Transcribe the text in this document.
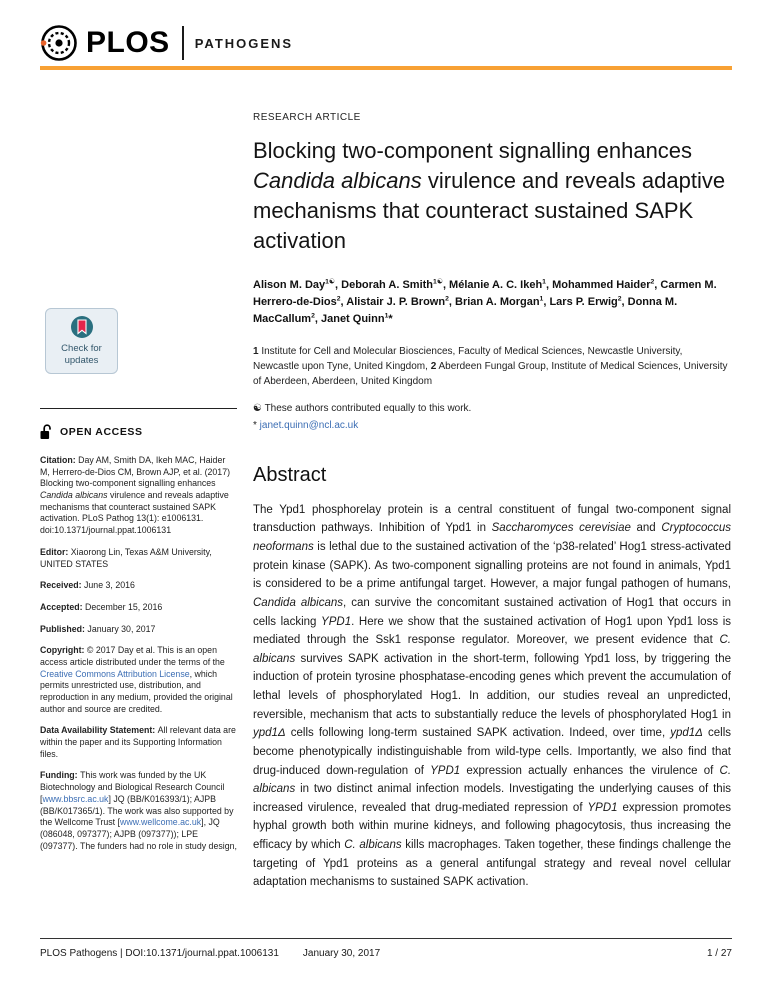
PLOS PATHOGENS
Check for updates
OPEN ACCESS

Citation: Day AM, Smith DA, Ikeh MAC, Haider M, Herrero-de-Dios CM, Brown AJP, et al. (2017) Blocking two-component signalling enhances Candida albicans virulence and reveals adaptive mechanisms that counteract sustained SAPK activation. PLoS Pathog 13(1): e1006131. doi:10.1371/journal.ppat.1006131

Editor: Xiaorong Lin, Texas A&M University, UNITED STATES

Received: June 3, 2016

Accepted: December 15, 2016

Published: January 30, 2017

Copyright: © 2017 Day et al. This is an open access article distributed under the terms of the Creative Commons Attribution License, which permits unrestricted use, distribution, and reproduction in any medium, provided the original author and source are credited.

Data Availability Statement: All relevant data are within the paper and its Supporting Information files.

Funding: This work was funded by the UK Biotechnology and Biological Research Council [www.bbsrc.ac.uk] JQ (BB/K016393/1); AJPB (BB/K017365/1). The work was also supported by the Wellcome Trust [www.wellcome.ac.uk], JQ (086048, 097377); AJPB (097377)); LPE (097377). The funders had no role in study design,

RESEARCH ARTICLE
Blocking two-component signalling enhances Candida albicans virulence and reveals adaptive mechanisms that counteract sustained SAPK activation

Alison M. Day$^{1☯}$, Deborah A. Smith$^{1☯}$, Mélanie A. C. Ikeh$^1$, Mohammed Haider$^2$, Carmen M. Herrero-de-Dios$^2$, Alistair J. P. Brown$^2$, Brian A. Morgan$^1$, Lars P. Erwig$^2$, Donna M. MacCallum$^2$, Janet Quinn$^1$*

1 Institute for Cell and Molecular Biosciences, Faculty of Medical Sciences, Newcastle University, Newcastle upon Tyne, United Kingdom, 2 Aberdeen Fungal Group, Institute of Medical Sciences, University of Aberdeen, Aberdeen, United Kingdom

☯ These authors contributed equally to this work.

* janet.quinn@ncl.ac.uk

Abstract

The Ypd1 phosphorelay protein is a central constituent of fungal two-component signal transduction pathways. Inhibition of Ypd1 in Saccharomyces cerevisiae and Cryptococcus neoformans is lethal due to the sustained activation of the ‘p38-related’ Hog1 stress-activated protein kinase (SAPK). As two-component signalling proteins are not found in animals, Ypd1 is considered to be a prime antifungal target. However, a major fungal pathogen of humans, Candida albicans, can survive the concomitant sustained activation of Hog1 that occurs in cells lacking YPD1. Here we show that the sustained activation of Hog1 upon Ypd1 loss is mediated through the Ssk1 response regulator. Moreover, we present evidence that C. albicans survives SAPK activation in the short-term, following Ypd1 loss, by triggering the induction of protein tyrosine phosphatase-encoding genes which prevent the accumulation of lethal levels of phosphorylated Hog1. In addition, our studies reveal an unpredicted, reversible, mechanism that acts to substantially reduce the levels of phosphorylated Hog1 in ypd1Δ cells following long-term sustained SAPK activation. Indeed, over time, ypd1Δ cells become phenotypically indistinguishable from wild-type cells. Importantly, we also find that drug-induced down-regulation of YPD1 expression actually enhances the virulence of C. albicans in two distinct animal infection models. Investigating the underlying causes of this increased virulence, revealed that drug-mediated repression of YPD1 expression promotes hyphal growth both within murine kidneys, and following phagocytosis, thus increasing the efficacy by which C. albicans kills macrophages. Taken together, these findings challenge the targeting of Ypd1 proteins as a general antifungal strategy and reveal novel cellular adaptation mechanisms to sustained SAPK activation.

PLOS Pathogens | DOI:10.1371/journal.ppat.1006131 January 30, 2017	1 / 27
